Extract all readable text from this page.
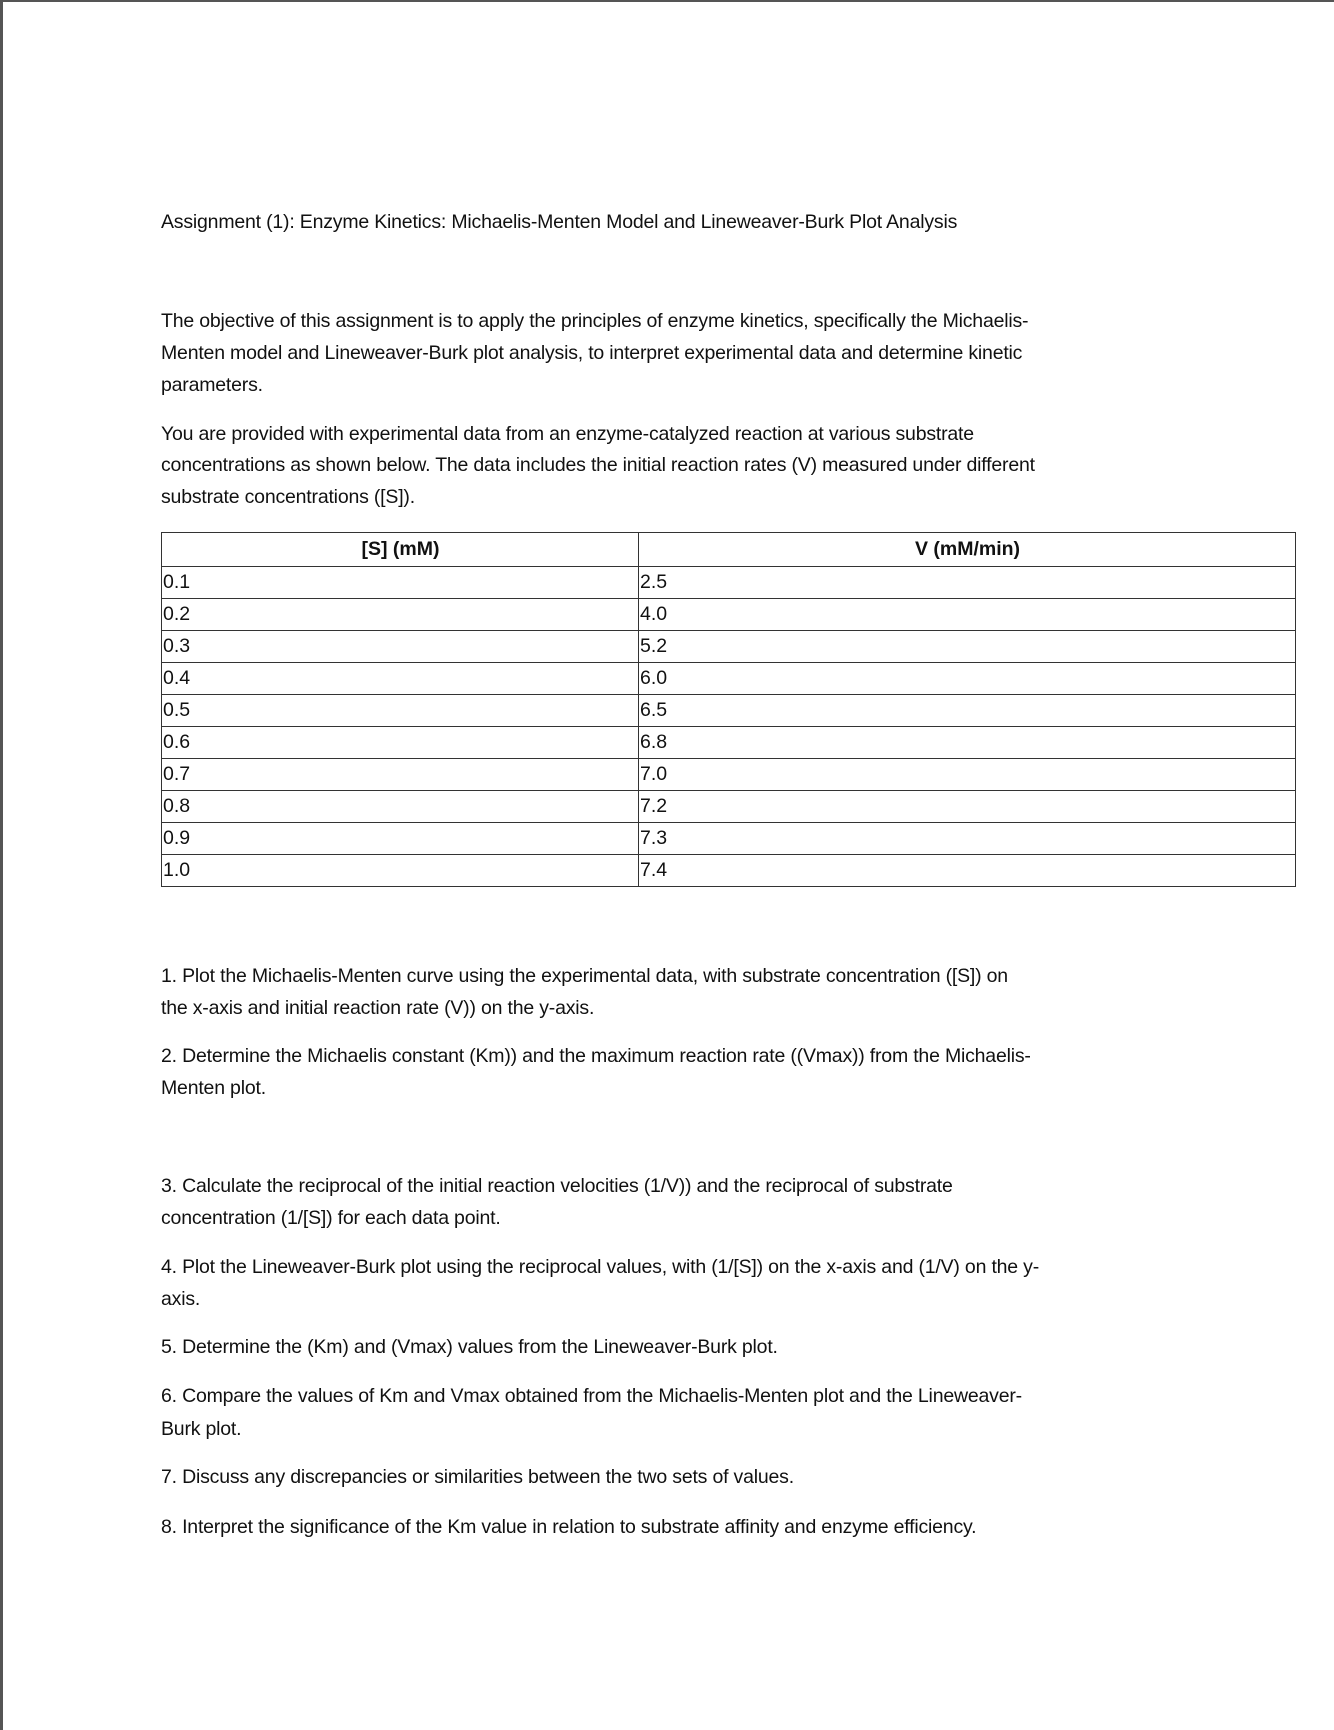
Assignment (1): Enzyme Kinetics: Michaelis-Menten Model and Lineweaver-Burk Plot Analysis
The objective of this assignment is to apply the principles of enzyme kinetics, specifically the Michaelis-
Menten model and Lineweaver-Burk plot analysis, to interpret experimental data and determine kinetic
parameters.
You are provided with experimental data from an enzyme-catalyzed reaction at various substrate
concentrations as shown below. The data includes the initial reaction rates (V) measured under different
substrate concentrations ([S]).
[S] (mM)	V (mM/min)
0.1	2.5
0.2	4.0
0.3	5.2
0.4	6.0
0.5	6.5
0.6	6.8
0.7	7.0
0.8	7.2
0.9	7.3
1.0	7.4
1. Plot the Michaelis-Menten curve using the experimental data, with substrate concentration ([S]) on
the x-axis and initial reaction rate (V)) on the y-axis.
2. Determine the Michaelis constant (Km)) and the maximum reaction rate ((Vmax)) from the Michaelis-
Menten plot.
3. Calculate the reciprocal of the initial reaction velocities (1/V)) and the reciprocal of substrate
concentration (1/[S]) for each data point.
4. Plot the Lineweaver-Burk plot using the reciprocal values, with (1/[S]) on the x-axis and (1/V) on the y-
axis.
5. Determine the (Km) and (Vmax) values from the Lineweaver-Burk plot.
6. Compare the values of Km and Vmax obtained from the Michaelis-Menten plot and the Lineweaver-
Burk plot.
7. Discuss any discrepancies or similarities between the two sets of values.
8. Interpret the significance of the Km value in relation to substrate affinity and enzyme efficiency.
